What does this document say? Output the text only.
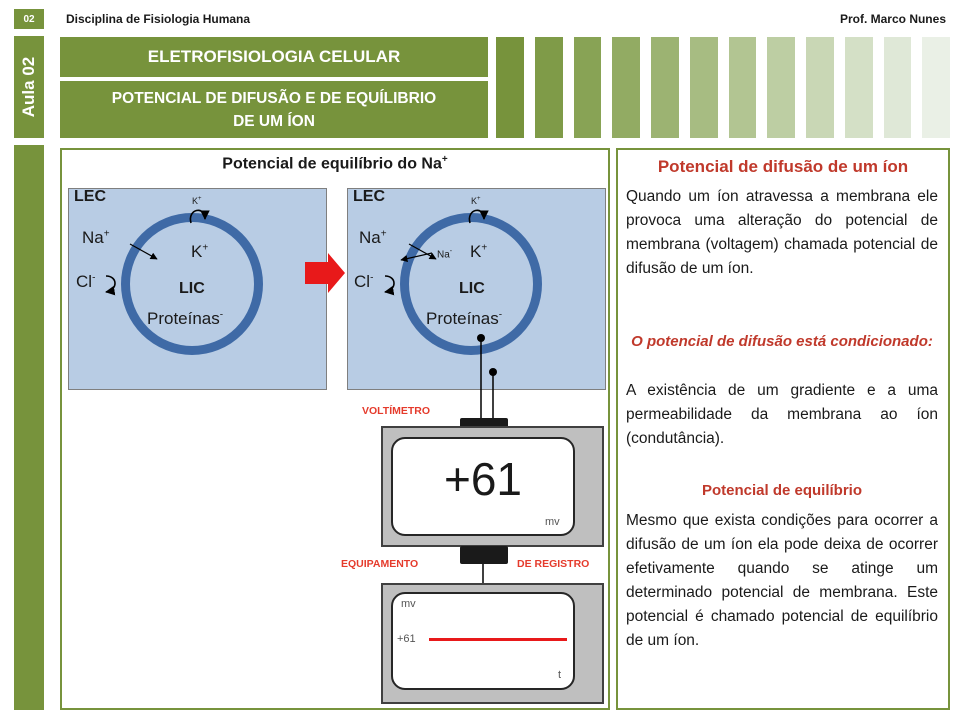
02	Disciplina de Fisiologia Humana	Prof. Marco Nunes
Aula 02
ELETROFISIOLOGIA CELULAR
POTENCIAL DE DIFUSÃO E DE EQUÍLIBRIO DE UM ÍON
Potencial de equilíbrio do Na+
LEC	K+
Na+
K+
Cl-
LIC
Proteínas-
LEC	K+
Na+
Na- K+
Cl-
LIC
Proteínas-
VOLTÍMETRO
+61
mv
EQUIPAMENTO	DE REGISTRO
mv
+61
t
Potencial de difusão de um íon
Quando um íon atravessa a membrana ele provoca uma alteração do potencial de membrana (voltagem) chamada potencial de difusão de um íon.
O potencial de difusão está condicionado:
A existência de um gradiente e a uma permeabilidade da membrana ao íon (condutância).
Potencial de equilíbrio
Mesmo que exista condições para ocorrer a difusão de um íon ela pode deixa de ocorrer efetivamente quando se atinge um determinado potencial de membrana. Este potencial é chamado potencial de equilíbrio de um íon.
